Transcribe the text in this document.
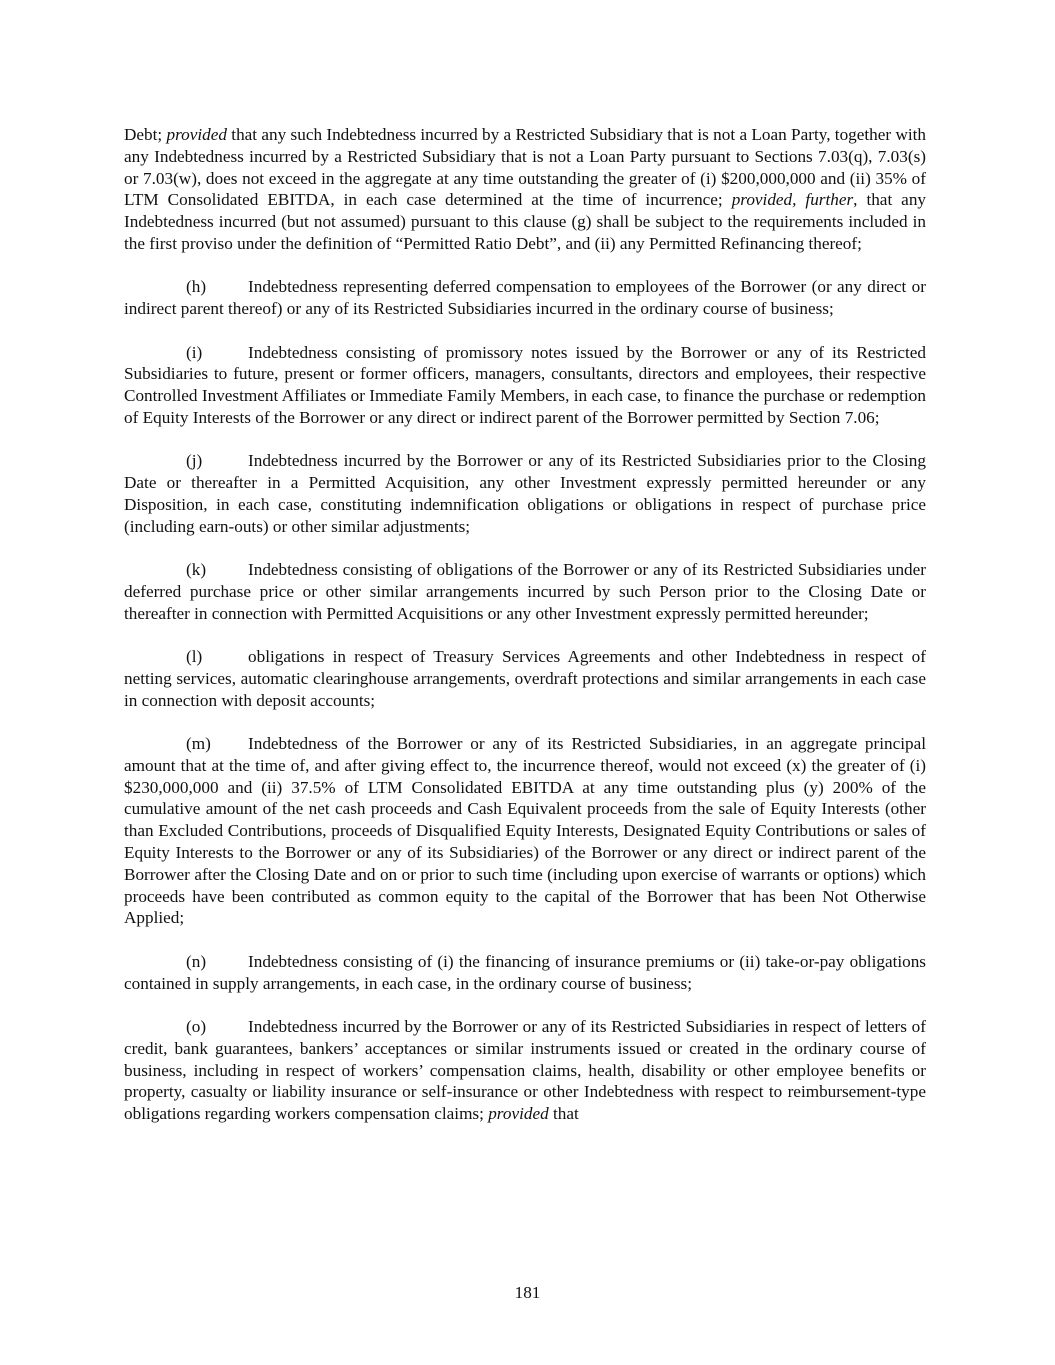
Debt; provided that any such Indebtedness incurred by a Restricted Subsidiary that is not a Loan Party, together with any Indebtedness incurred by a Restricted Subsidiary that is not a Loan Party pursuant to Sections 7.03(q), 7.03(s) or 7.03(w), does not exceed in the aggregate at any time outstanding the greater of (i) $200,000,000 and (ii) 35% of LTM Consolidated EBITDA, in each case determined at the time of incurrence; provided, further, that any Indebtedness incurred (but not assumed) pursuant to this clause (g) shall be subject to the requirements included in the first proviso under the definition of “Permitted Ratio Debt”, and (ii) any Permitted Refinancing thereof;

(h) Indebtedness representing deferred compensation to employees of the Borrower (or any direct or indirect parent thereof) or any of its Restricted Subsidiaries incurred in the ordinary course of business;

(i)	Indebtedness consisting of promissory notes issued by the Borrower or any of its Restricted Subsidiaries to future, present or former officers, managers, consultants, directors and employees, their respective Controlled Investment Affiliates or Immediate Family Members, in each case, to finance the purchase or redemption of Equity Interests of the Borrower or any direct or indirect parent of the Borrower permitted by Section 7.06;

(j)	Indebtedness incurred by the Borrower or any of its Restricted Subsidiaries prior to the Closing Date or thereafter in a Permitted Acquisition, any other Investment expressly permitted hereunder or any Disposition, in each case, constituting indemnification obligations or obligations in respect of purchase price (including earn-outs) or other similar adjustments;

(k) Indebtedness consisting of obligations of the Borrower or any of its Restricted Subsidiaries under deferred purchase price or other similar arrangements incurred by such Person prior to the Closing Date or thereafter in connection with Permitted Acquisitions or any other Investment expressly permitted hereunder;

(l)	obligations in respect of Treasury Services Agreements and other Indebtedness in respect of netting services, automatic clearinghouse arrangements, overdraft protections and similar arrangements in each case in connection with deposit accounts;

(m) Indebtedness of the Borrower or any of its Restricted Subsidiaries, in an aggregate principal amount that at the time of, and after giving effect to, the incurrence thereof, would not exceed (x) the greater of (i) $230,000,000 and (ii) 37.5% of LTM Consolidated EBITDA at any time outstanding plus (y) 200% of the cumulative amount of the net cash proceeds and Cash Equivalent proceeds from the sale of Equity Interests (other than Excluded Contributions, proceeds of Disqualified Equity Interests, Designated Equity Contributions or sales of Equity Interests to the Borrower or any of its Subsidiaries) of the Borrower or any direct or indirect parent of the Borrower after the Closing Date and on or prior to such time (including upon exercise of warrants or options) which proceeds have been contributed as common equity to the capital of the Borrower that has been Not Otherwise Applied;

(n) Indebtedness consisting of (i) the financing of insurance premiums or (ii) take-or-pay obligations contained in supply arrangements, in each case, in the ordinary course of business;

(o) Indebtedness incurred by the Borrower or any of its Restricted Subsidiaries in respect of letters of credit, bank guarantees, bankers’ acceptances or similar instruments issued or created in the ordinary course of business, including in respect of workers’ compensation claims, health, disability or other employee benefits or property, casualty or liability insurance or self-insurance or other Indebtedness with respect to reimbursement-type obligations regarding workers compensation claims; provided that

181
